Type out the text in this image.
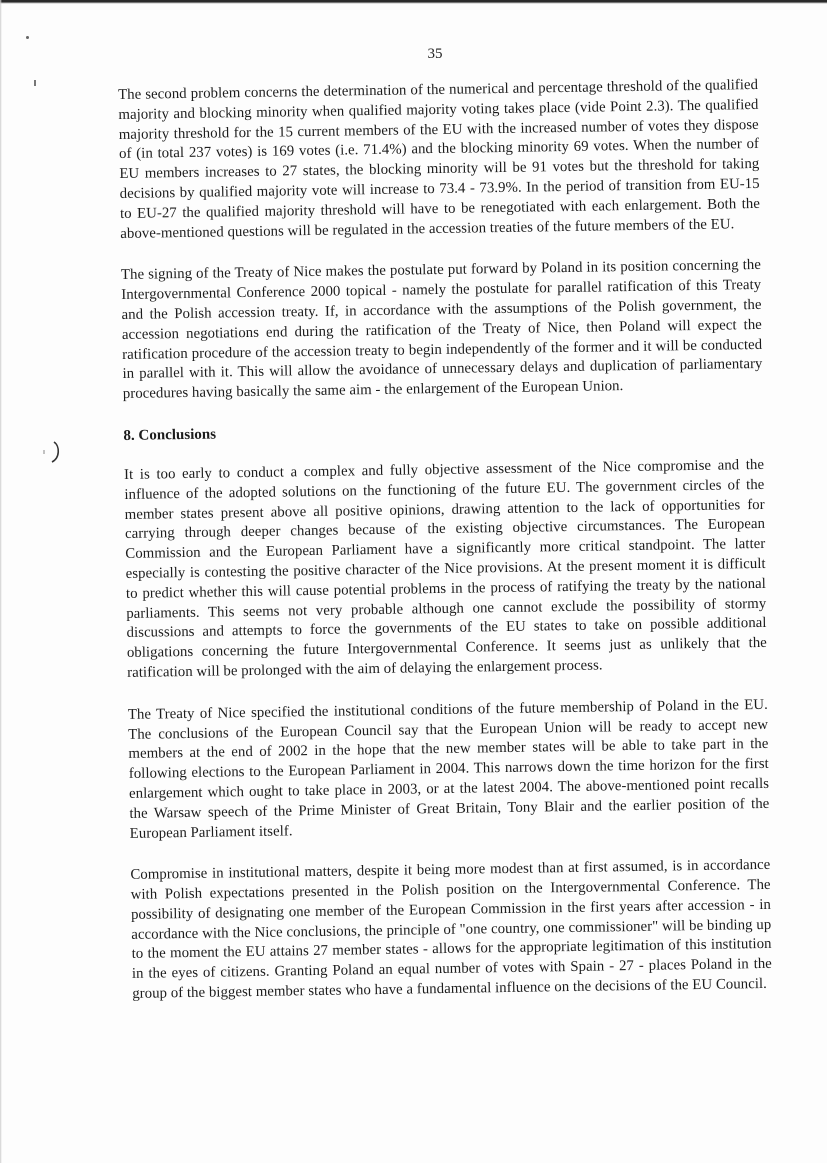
35

The second problem concerns the determination of the numerical and percentage threshold of the qualified majority and blocking minority when qualified majority voting takes place (vide Point 2.3). The qualified majority threshold for the 15 current members of the EU with the increased number of votes they dispose of (in total 237 votes) is 169 votes (i.e. 71.4%) and the blocking minority 69 votes. When the number of EU members increases to 27 states, the blocking minority will be 91 votes but the threshold for taking decisions by qualified majority vote will increase to 73.4 - 73.9%. In the period of transition from EU-15 to EU-27 the qualified majority threshold will have to be renegotiated with each enlargement. Both the above-mentioned questions will be regulated in the accession treaties of the future members of the EU.

The signing of the Treaty of Nice makes the postulate put forward by Poland in its position concerning the Intergovernmental Conference 2000 topical - namely the postulate for parallel ratification of this Treaty and the Polish accession treaty. If, in accordance with the assumptions of the Polish government, the accession negotiations end during the ratification of the Treaty of Nice, then Poland will expect the ratification procedure of the accession treaty to begin independently of the former and it will be conducted in parallel with it. This will allow the avoidance of unnecessary delays and duplication of parliamentary procedures having basically the same aim - the enlargement of the European Union.

8. Conclusions

It is too early to conduct a complex and fully objective assessment of the Nice compromise and the influence of the adopted solutions on the functioning of the future EU. The government circles of the member states present above all positive opinions, drawing attention to the lack of opportunities for carrying through deeper changes because of the existing objective circumstances. The European Commission and the European Parliament have a significantly more critical standpoint. The latter especially is contesting the positive character of the Nice provisions. At the present moment it is difficult to predict whether this will cause potential problems in the process of ratifying the treaty by the national parliaments. This seems not very probable although one cannot exclude the possibility of stormy discussions and attempts to force the governments of the EU states to take on possible additional obligations concerning the future Intergovernmental Conference. It seems just as unlikely that the ratification will be prolonged with the aim of delaying the enlargement process.

The Treaty of Nice specified the institutional conditions of the future membership of Poland in the EU. The conclusions of the European Council say that the European Union will be ready to accept new members at the end of 2002 in the hope that the new member states will be able to take part in the following elections to the European Parliament in 2004. This narrows down the time horizon for the first enlargement which ought to take place in 2003, or at the latest 2004. The above-mentioned point recalls the Warsaw speech of the Prime Minister of Great Britain, Tony Blair and the earlier position of the European Parliament itself.

Compromise in institutional matters, despite it being more modest than at first assumed, is in accordance with Polish expectations presented in the Polish position on the Intergovernmental Conference. The possibility of designating one member of the European Commission in the first years after accession - in accordance with the Nice conclusions, the principle of "one country, one commissioner" will be binding up to the moment the EU attains 27 member states - allows for the appropriate legitimation of this institution in the eyes of citizens. Granting Poland an equal number of votes with Spain - 27 - places Poland in the group of the biggest member states who have a fundamental influence on the decisions of the EU Council.
